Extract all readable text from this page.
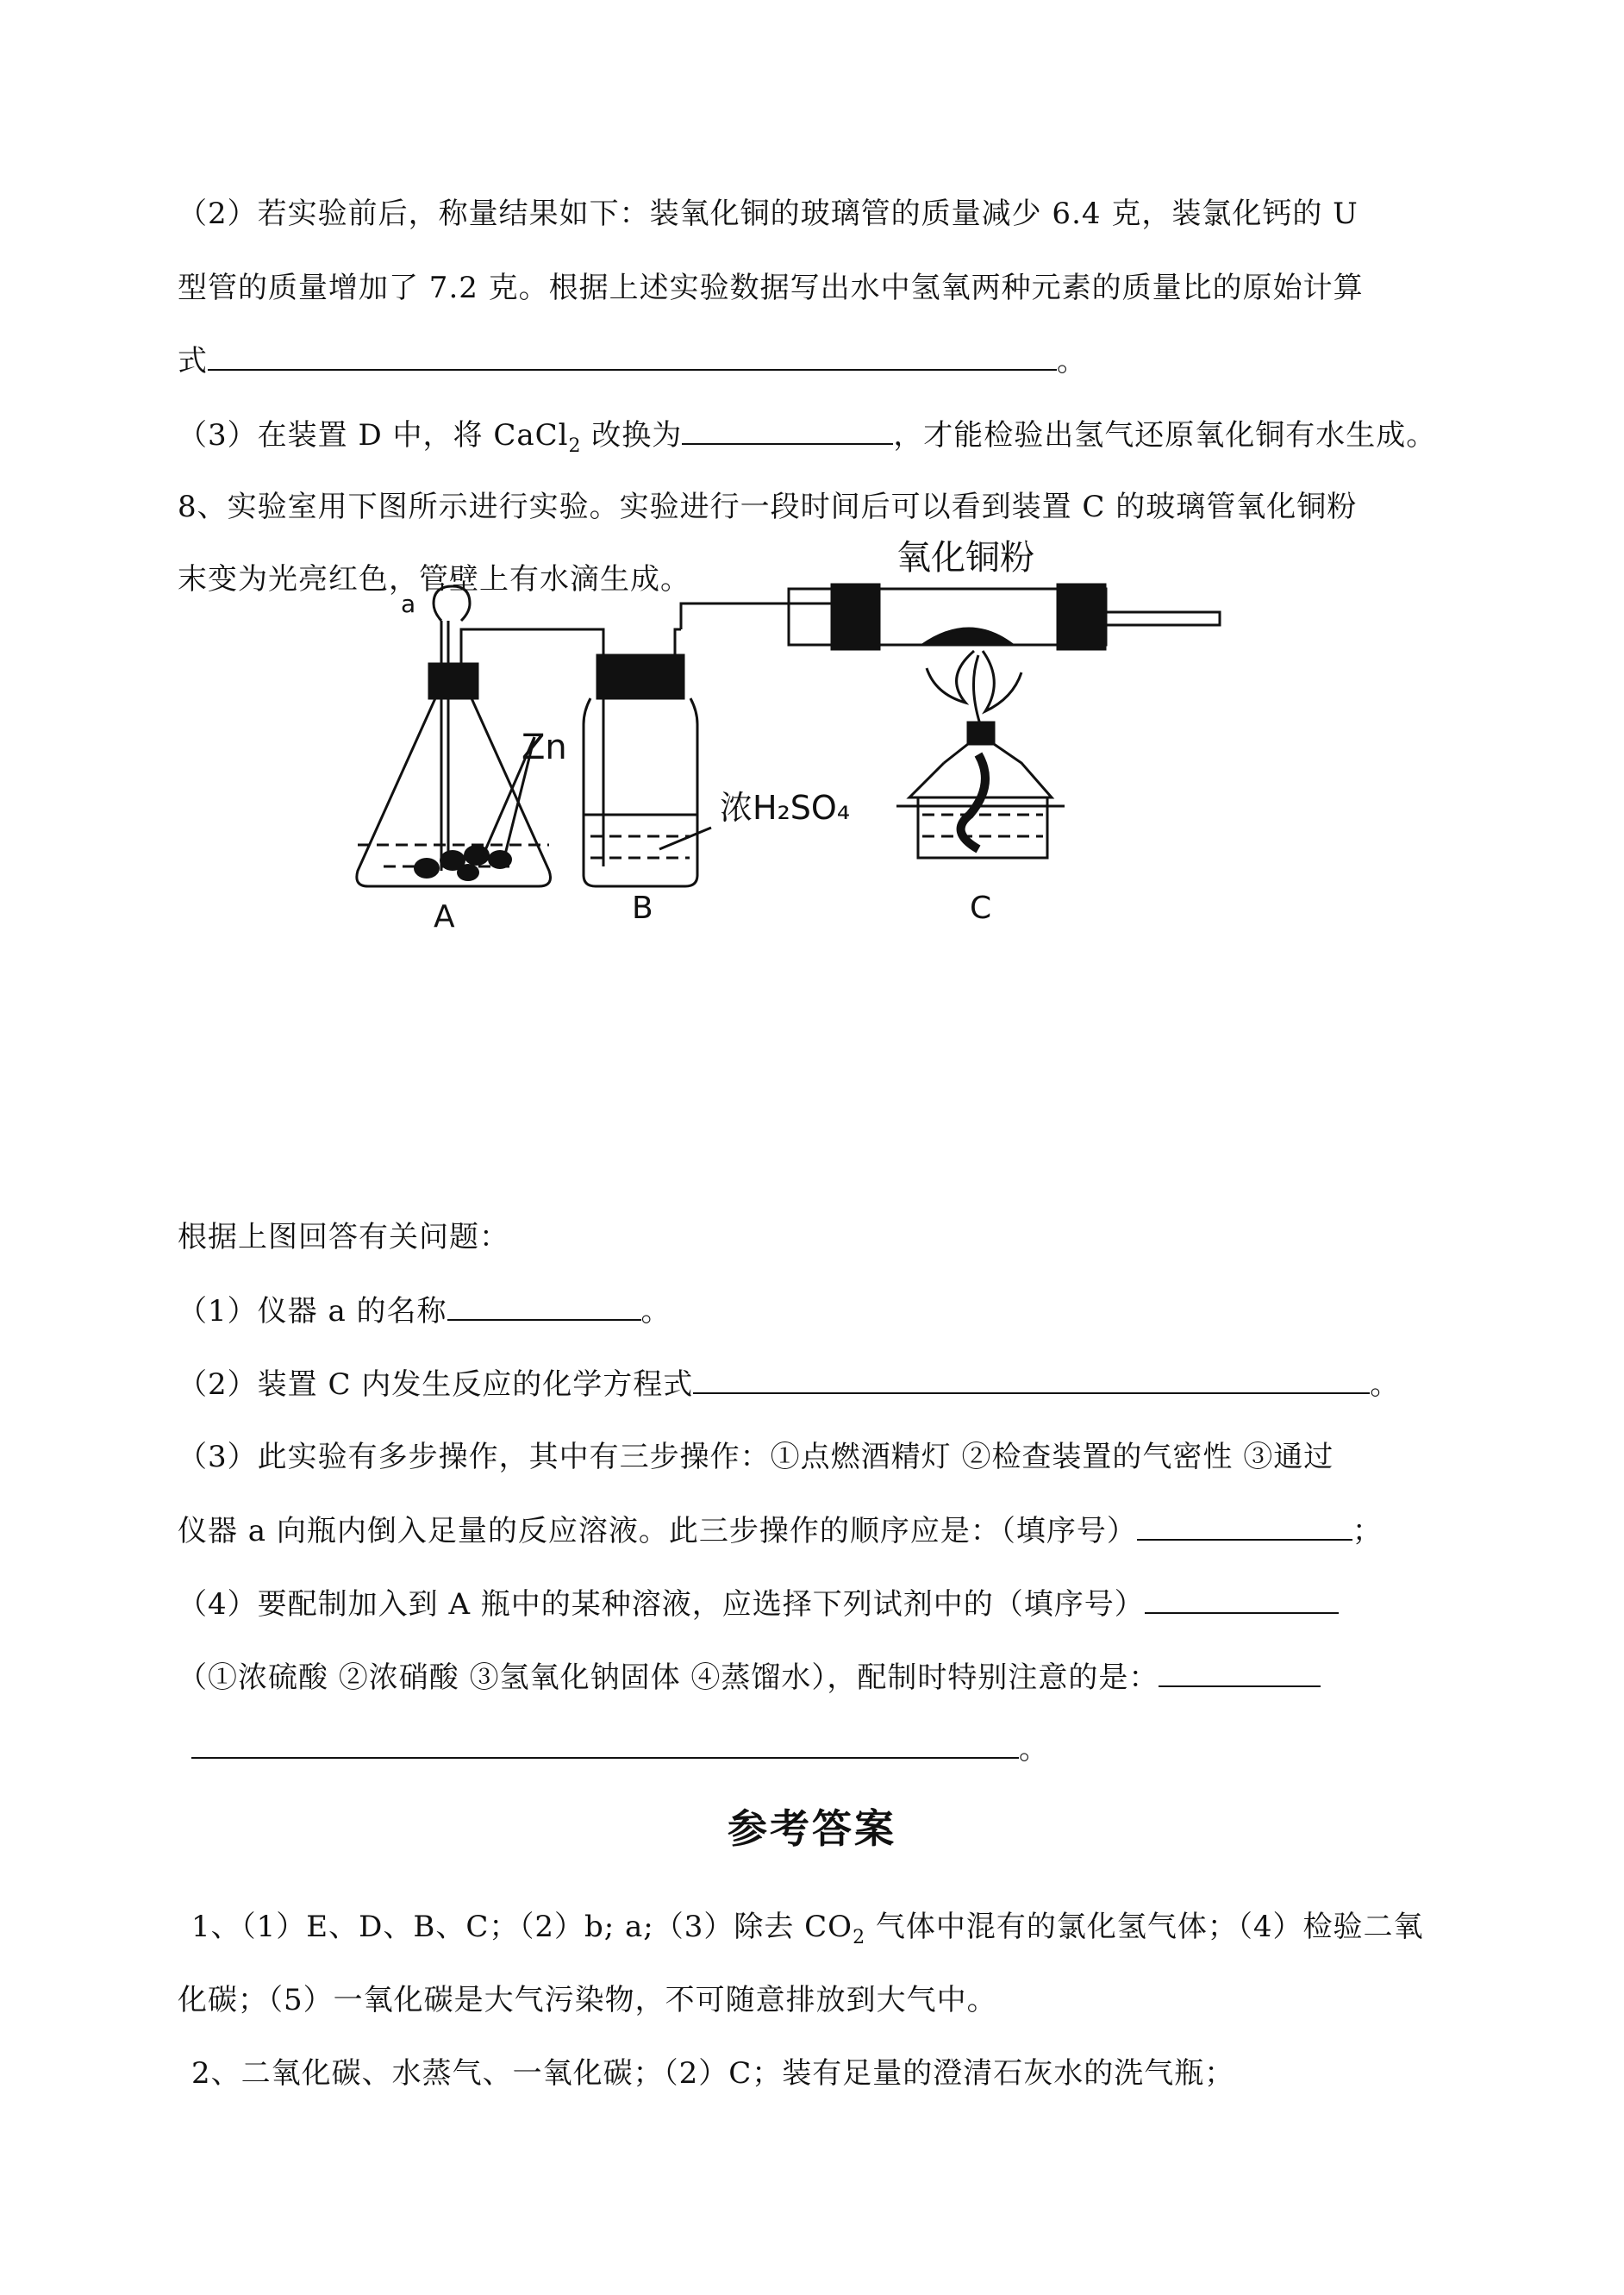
（2）若实验前后，称量结果如下：装氧化铜的玻璃管的质量减少 6.4 克，装氯化钙的 U
型管的质量增加了 7.2 克。根据上述实验数据写出水中氢氧两种元素的质量比的原始计算
式	。
（3）在装置 D 中，将 CaCl$_2$ 改换为	，才能检验出氢气还原氧化铜有水生成。
8、实验室用下图所示进行实验。实验进行一段时间后可以看到装置 C 的玻璃管氧化铜粉
末变为光亮红色，管壁上有水滴生成。
a
Zn
浓H₂SO₄
氧化铜粉
A	B	C
根据上图回答有关问题：
（1）仪器 a 的名称	。
（2）装置 C 内发生反应的化学方程式	。
（3）此实验有多步操作，其中有三步操作：①点燃酒精灯 ②检查装置的气密性 ③通过
仪器 a 向瓶内倒入足量的反应溶液。此三步操作的顺序应是：（填序号）	；
（4）要配制加入到 A 瓶中的某种溶液，应选择下列试剂中的（填序号）
（①浓硫酸 ②浓硝酸 ③氢氧化钠固体 ④蒸馏水），配制时特别注意的是：
。
参考答案
1、（1）E、D、B、C；（2）b; a;（3）除去 $CO_2$ 气体中混有的氯化氢气体；（4）检验二氧
化碳；（5）一氧化碳是大气污染物，不可随意排放到大气中。
2、二氧化碳、水蒸气、一氧化碳；（2）C；装有足量的澄清石灰水的洗气瓶；
